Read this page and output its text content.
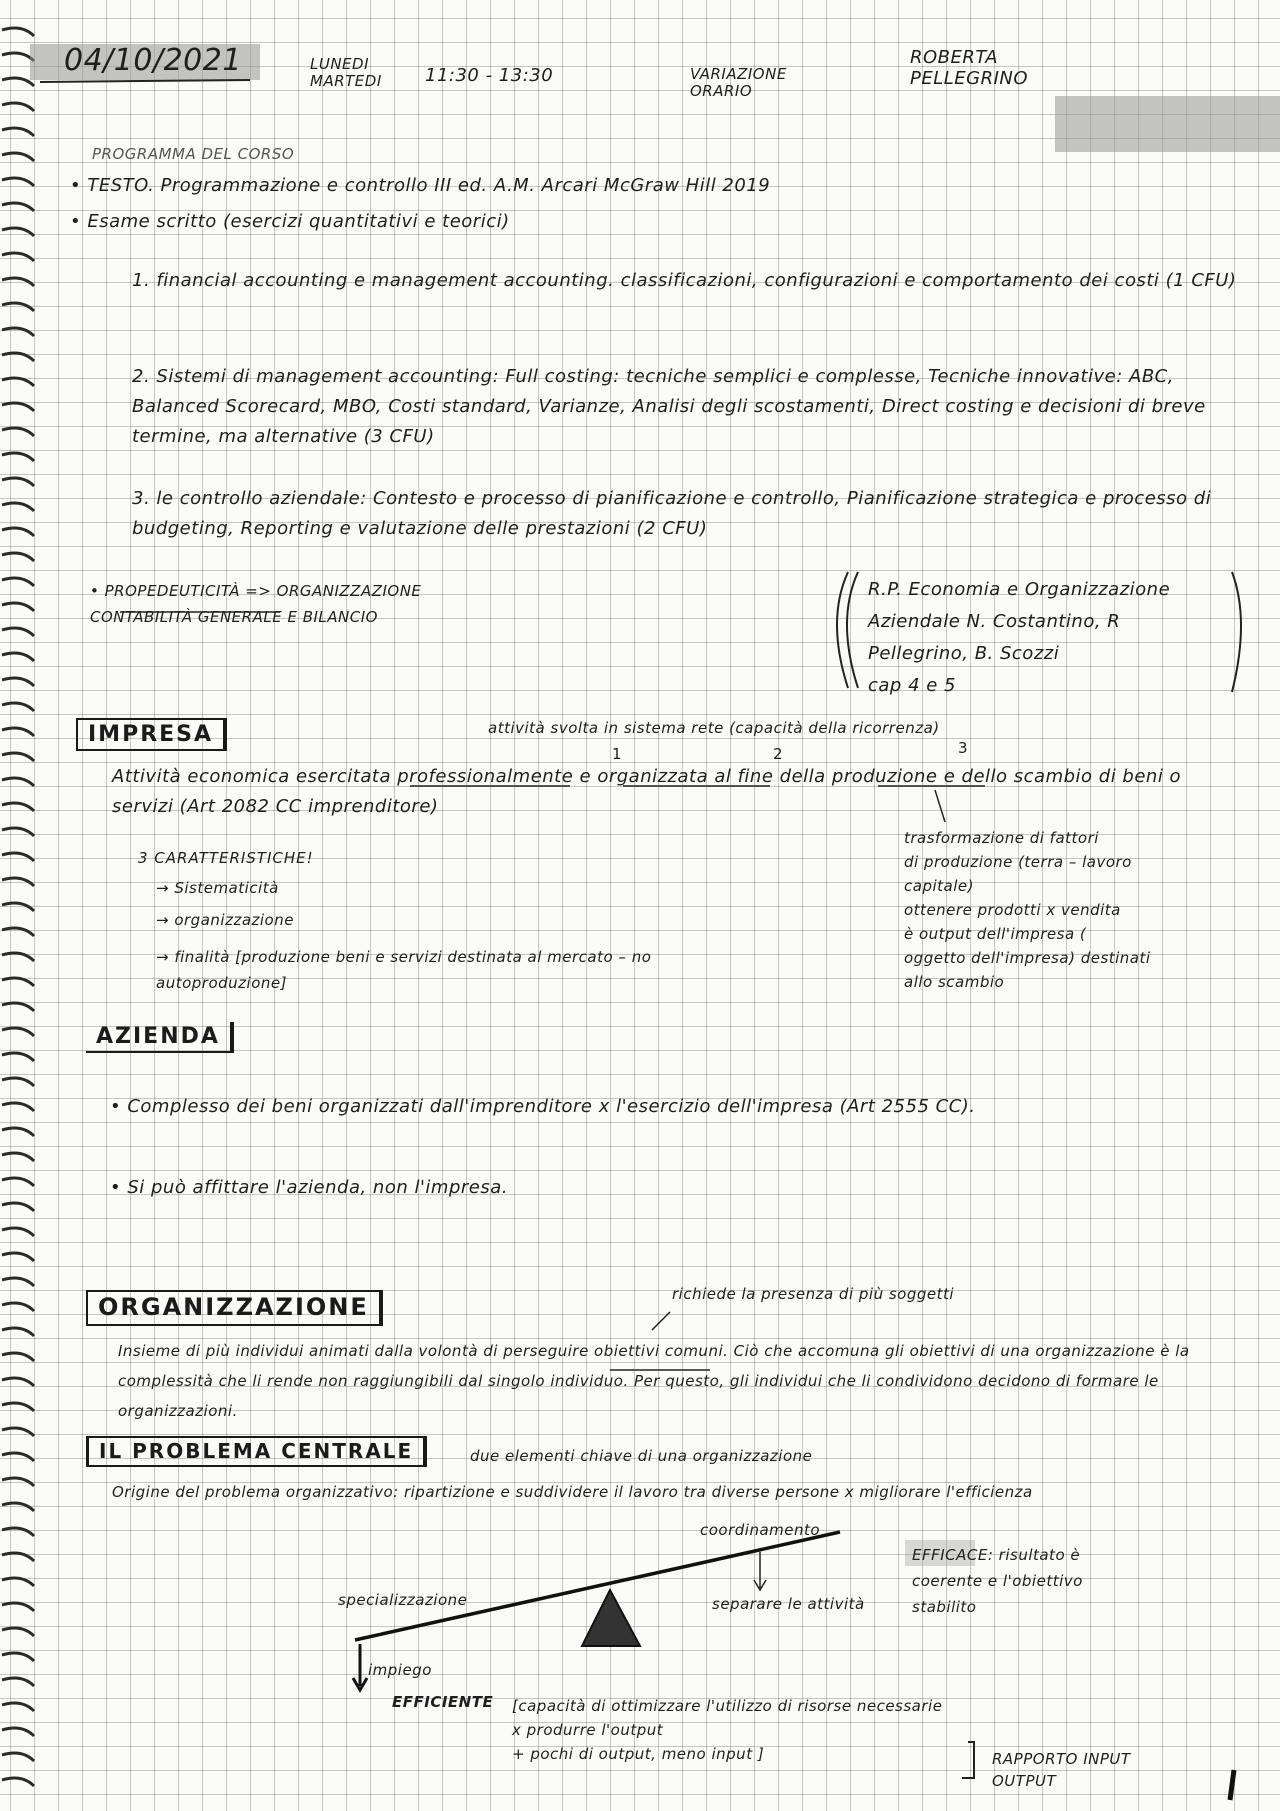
04/10/2021	LUNEDI
MARTEDI 11:30 - 13:30	VARIAZIONE
ORARIO
ROBERTA
PELLEGRINO
PROGRAMMA DEL CORSO
• TESTO. Programmazione e controllo III ed. A.M. Arcari McGraw Hill 2019
• Esame scritto (esercizi quantitativi e teorici)
1. financial accounting e management accounting. classificazioni, configurazioni e comportamento dei costi (1 CFU)
2. Sistemi di management accounting: Full costing: tecniche semplici e complesse, Tecniche innovative: ABC, Balanced Scorecard, MBO, Costi standard, Varianze, Analisi degli scostamenti, Direct costing e decisioni di breve termine, ma alternative (3 CFU)
3. le controllo aziendale: Contesto e processo di pianificazione e controllo, Pianificazione strategica e processo di budgeting, Reporting e valutazione delle prestazioni (2 CFU)
• PROPEDEUTICITÀ => ORGANIZZAZIONE
CONTABILITÀ GENERALE E BILANCIO
R.P. Economia e Organizzazione
Aziendale N. Costantino, R
Pellegrino, B. Scozzi
cap 4 e 5
IMPRESA	attività svolta in sistema rete (capacità della ricorrenza)
1	2	3
Attività economica esercitata professionalmente e organizzata al fine della produzione e dello scambio di beni o servizi (Art 2082 CC imprenditore)
3 CARATTERISTICHE!
→ Sistematicità
→ organizzazione
→ finalità [produzione beni e servizi destinata al mercato – no autoproduzione]
trasformazione di fattori
di produzione (terra – lavoro
capitale)
ottenere prodotti x vendita
è output dell'impresa (
oggetto dell'impresa) destinati
allo scambio
AZIENDA
• Complesso dei beni organizzati dall'imprenditore x l'esercizio dell'impresa (Art 2555 CC).
• Si può affittare l'azienda, non l'impresa.
richiede la presenza di più soggetti
ORGANIZZAZIONE
Insieme di più individui animati dalla volontà di perseguire obiettivi comuni. Ciò che accomuna gli obiettivi di una organizzazione è la complessità che li rende non raggiungibili dal singolo individuo. Per questo, gli individui che li condividono decidono di formare le organizzazioni.
IL PROBLEMA CENTRALE	due elementi chiave di una organizzazione
Origine del problema organizzativo: ripartizione e suddividere il lavoro tra diverse persone x migliorare l'efficienza
coordinamento
specializzazione	separare le attività
impiego
EFFICACE: risultato è
coerente e l'obiettivo
stabilito
EFFICIENTE [capacità di ottimizzare l'utilizzo di risorse necessarie
x produrre l'output
+ pochi di output, meno input ]	RAPPORTO INPUT
OUTPUT
